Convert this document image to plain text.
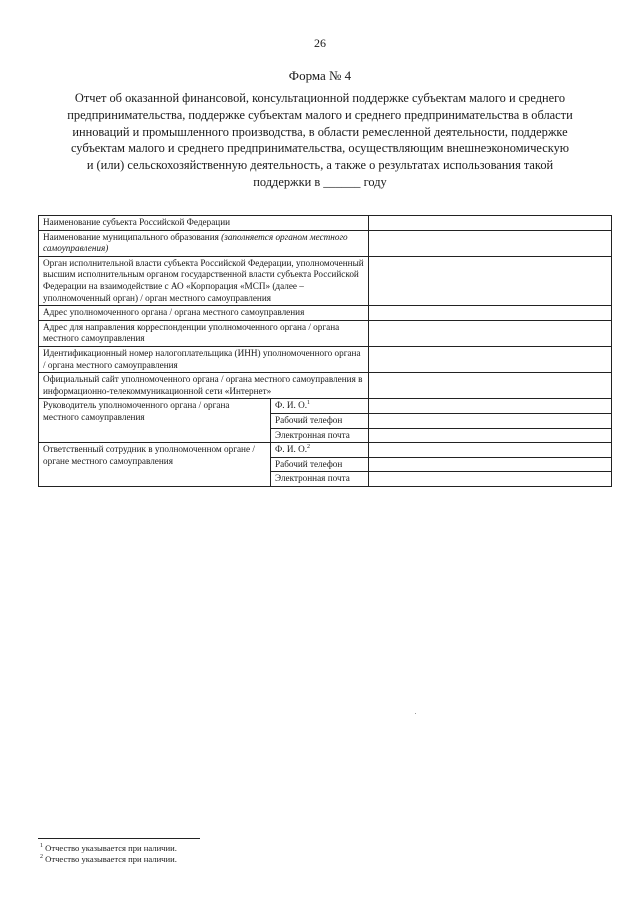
26
Форма № 4
Отчет об оказанной финансовой, консультационной поддержке субъектам малого и среднего
предпринимательства, поддержке субъектам малого и среднего предпринимательства в области
инноваций и промышленного производства, в области ремесленной деятельности, поддержке
субъектам малого и среднего предпринимательства, осуществляющим внешнеэкономическую
и (или) сельскохозяйственную деятельность, а также о результатах использования такой
поддержки в ______ году
Наименование субъекта Российской Федерации		
Наименование муниципального образования (заполняется органом местного самоуправления)		
Орган исполнительной власти субъекта Российской Федерации, уполномоченный высшим исполнительным органом государственной власти субъекта Российской Федерации на взаимодействие с АО «Корпорация «МСП» (далее – уполномоченный орган) / орган местного самоуправления		
Адрес уполномоченного органа / органа местного самоуправления		
Адрес для направления корреспонденции уполномоченного органа / органа местного самоуправления		
Идентификационный номер налогоплательщика (ИНН) уполномоченного органа / органа местного самоуправления		
Официальный сайт уполномоченного органа / органа местного самоуправления в информационно-телекоммуникационной сети «Интернет»		
Руководитель уполномоченного органа / органа местного самоуправления	Ф. И. О.$^1$	
	Рабочий телефон	
	Электронная почта	
Ответственный сотрудник в уполномоченном органе / органе местного самоуправления	Ф. И. О.$^2$	
	Рабочий телефон	
	Электронная почта	
$^1$ Отчество указывается при наличии.
$^2$ Отчество указывается при наличии.
